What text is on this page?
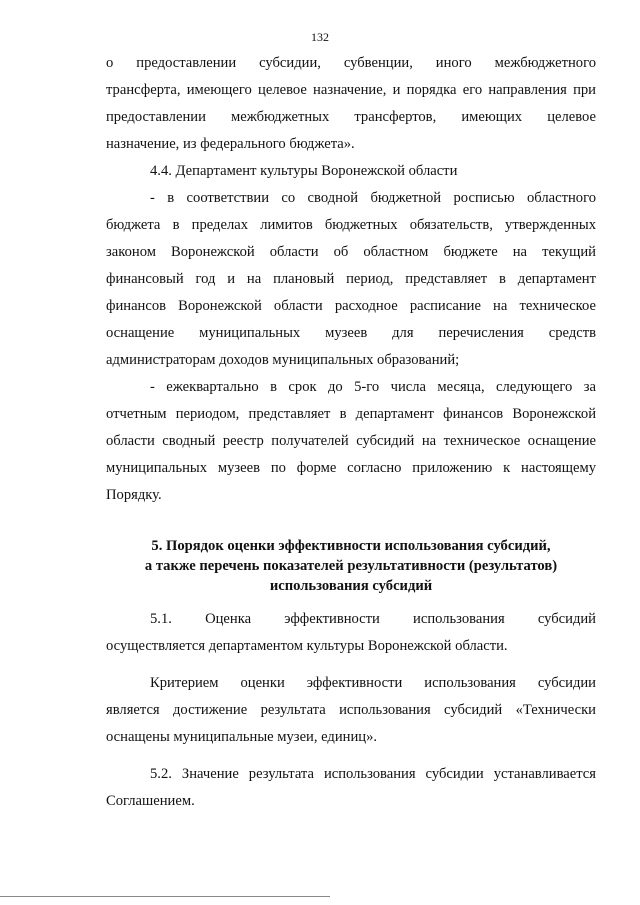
132

о предоставлении субсидии, субвенции, иного межбюджетного

трансферта, имеющего целевое назначение, и порядка его направления при

предоставлении межбюджетных трансфертов, имеющих целевое

назначение, из федерального бюджета».

4.4. Департамент культуры Воронежской области

- в соответствии со сводной бюджетной росписью областного

бюджета в пределах лимитов бюджетных обязательств, утвержденных

законом Воронежской области об областном бюджете на текущий

финансовый год и на плановый период, представляет в департамент

финансов Воронежской области расходное расписание на техническое

оснащение муниципальных музеев для перечисления средств

администраторам доходов муниципальных образований;

- ежеквартально в срок до 5-го числа месяца, следующего за

отчетным периодом, представляет в департамент финансов Воронежской

области сводный реестр получателей субсидий на техническое оснащение

муниципальных музеев по форме согласно приложению к настоящему

Порядку.

5. Порядок оценки эффективности использования субсидий,

а также перечень показателей результативности (результатов)

использования субсидий

5.1. Оценка эффективности использования субсидий

осуществляется департаментом культуры Воронежской области.

Критерием оценки эффективности использования субсидии

является достижение результата использования субсидий «Технически

оснащены муниципальные музеи, единиц».

5.2. Значение результата использования субсидии устанавливается

Соглашением.
